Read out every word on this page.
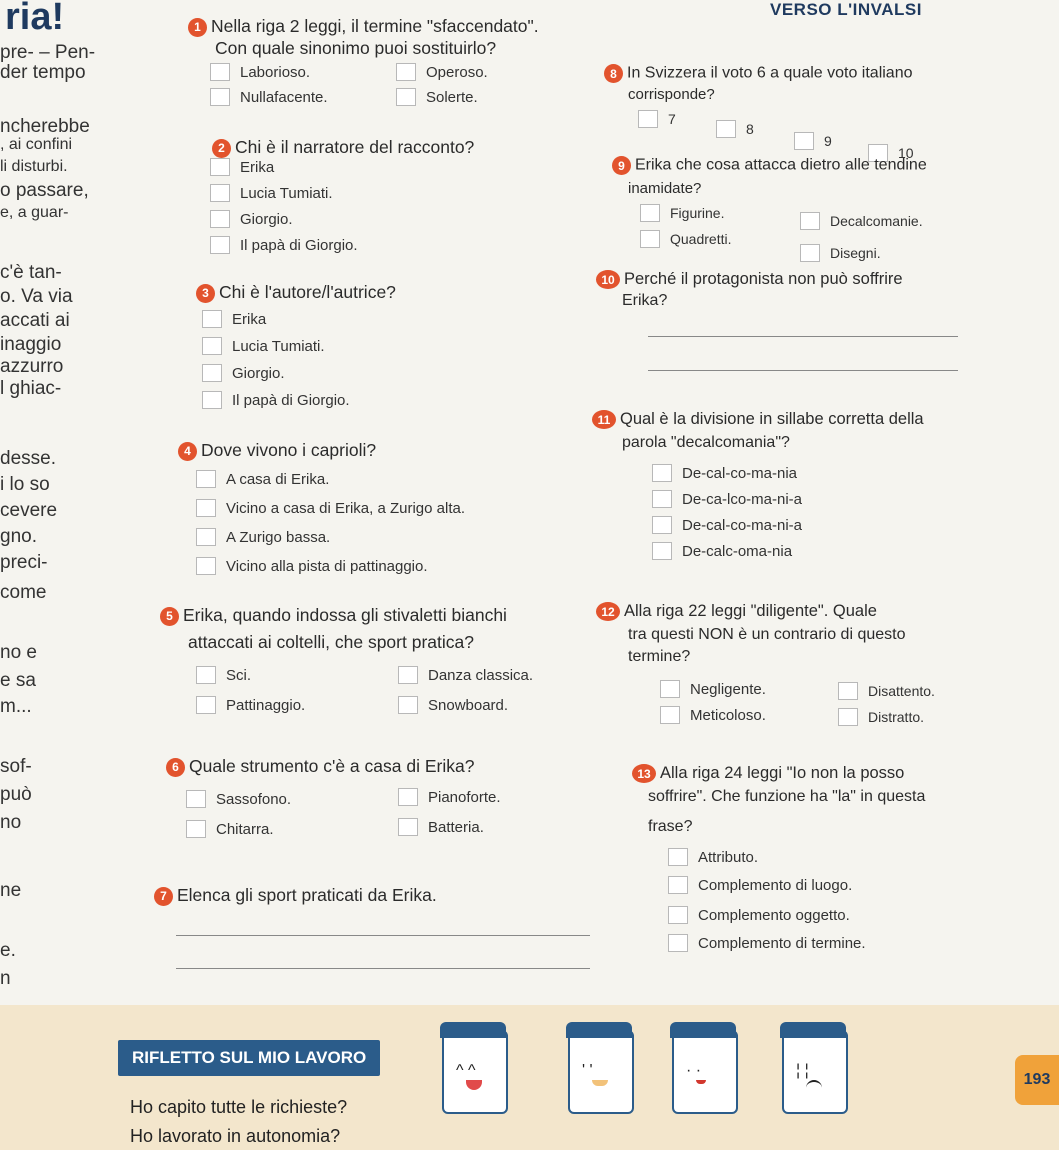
ria!
pre- – Pen-
der tempo
ncherebbe
, ai confini
li disturbi.
o passare,
e, a guar-
c'è tan-
o. Va via
accati ai
inaggio
azzurro
l ghiac-
desse.
i lo so
cevere
gno.
preci-
come
no e
e sa
m...
sof-
può
no
ne
e.
n
VERSO L'INVALSI
1 Nella riga 2 leggi, il termine "sfaccendato".
Con quale sinonimo puoi sostituirlo?
Laborioso.	Operoso.
Nullafacente.	Solerte.
2 Chi è il narratore del racconto?
Erika
Lucia Tumiati.
Giorgio.
Il papà di Giorgio.
3 Chi è l'autore/l'autrice?
Erika
Lucia Tumiati.
Giorgio.
Il papà di Giorgio.
4 Dove vivono i caprioli?
A casa di Erika.
Vicino a casa di Erika, a Zurigo alta.
A Zurigo bassa.
Vicino alla pista di pattinaggio.
5 Erika, quando indossa gli stivaletti bianchi
attaccati ai coltelli, che sport pratica?
Sci.	Danza classica.
Pattinaggio.	Snowboard.
6 Quale strumento c'è a casa di Erika?
Sassofono.	Pianoforte.
Chitarra.	Batteria.
7 Elenca gli sport praticati da Erika.
8 In Svizzera il voto 6 a quale voto italiano
corrisponde?
7
8
9
10
9 Erika che cosa attacca dietro alle tendine
inamidate?
Figurine.	Decalcomanie.
Quadretti.
Disegni.
10 Perché il protagonista non può soffrire
Erika?
11 Qual è la divisione in sillabe corretta della
parola "decalcomania"?
De-cal-co-ma-nia
De-ca-lco-ma-ni-a
De-cal-co-ma-ni-a
De-calc-oma-nia
12 Alla riga 22 leggi "diligente". Quale
tra questi NON è un contrario di questo
termine?
Negligente.	Disattento.
Meticoloso.	Distratto.
13 Alla riga 24 leggi "Io non la posso
soffrire". Che funzione ha "la" in questa
frase?
Attributo.
Complemento di luogo.
Complemento oggetto.
Complemento di termine.
RIFLETTO SUL MIO LAVORO
Ho capito tutte le richieste?
Ho lavorato in autonomia?
^ ^	' '	· ·	¦ ¦
193
